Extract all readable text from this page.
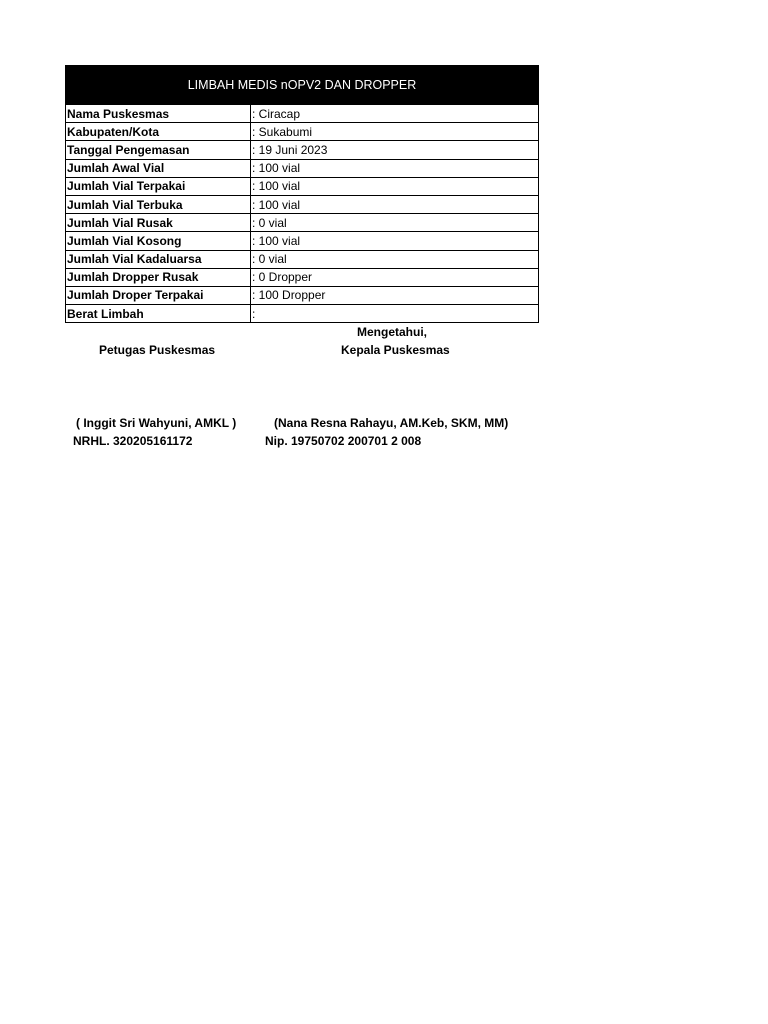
LIMBAH MEDIS nOPV2 DAN DROPPER	
Nama Puskesmas	: Ciracap
Kabupaten/Kota	: Sukabumi
Tanggal Pengemasan	: 19 Juni 2023
Jumlah Awal Vial	: 100 vial
Jumlah Vial Terpakai	: 100 vial
Jumlah Vial Terbuka	: 100 vial
Jumlah Vial Rusak	: 0 vial
Jumlah Vial Kosong	: 100 vial
Jumlah Vial Kadaluarsa	: 0 vial
Jumlah Dropper Rusak	: 0 Dropper
Jumlah Droper Terpakai	: 100 Dropper
Berat Limbah	:
Mengetahui,
Petugas Puskesmas	Kepala Puskesmas
( Inggit Sri Wahyuni, AMKL )	(Nana Resna Rahayu, AM.Keb, SKM, MM)
NRHL. 320205161172	Nip. 19750702 200701 2 008
